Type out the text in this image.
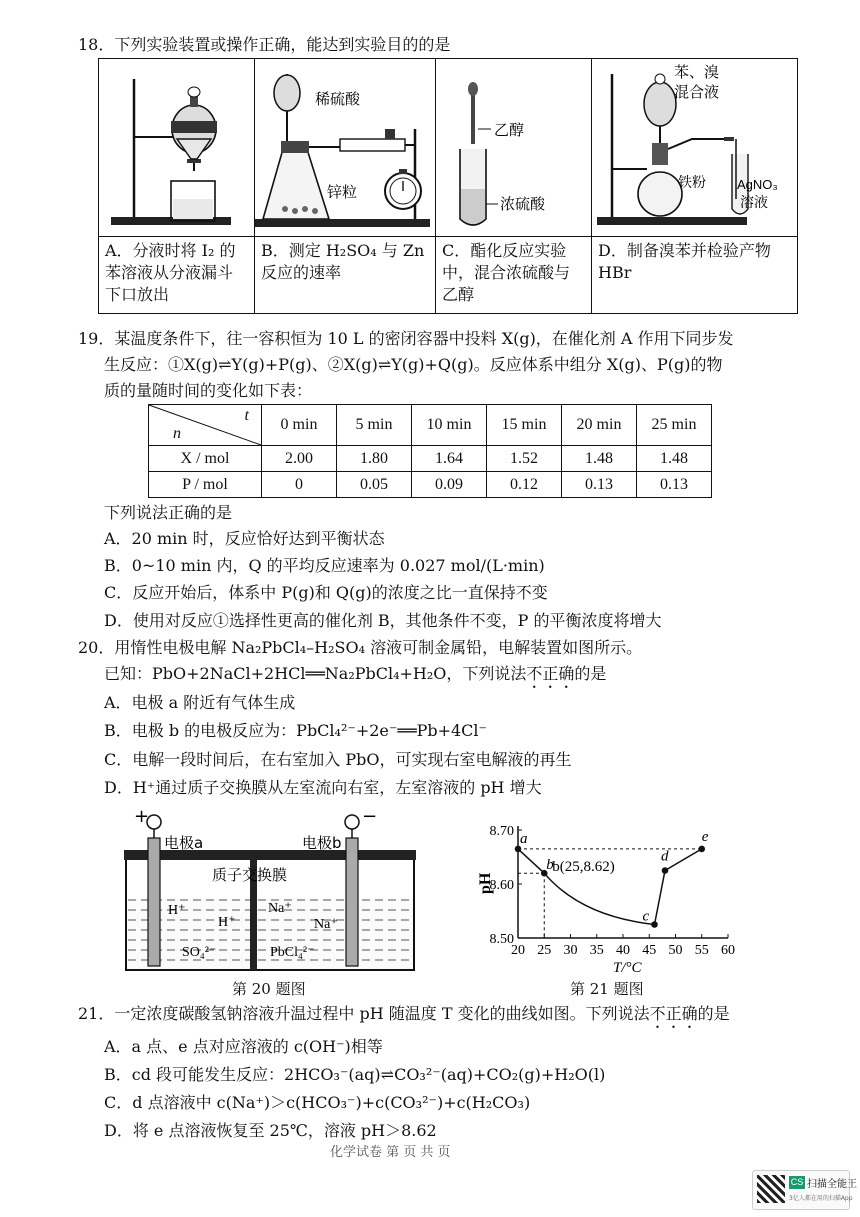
18．下列实验装置或操作正确，能达到实验目的的是

稀硫酸
锌粒	乙醇
浓硫酸	苯、溴
混合液
铁粉 AgNO₃
溶液

A．分液时将 I₂ 的苯溶液从分液漏斗下口放出	B．测定 H₂SO₄ 与 Zn 反应的速率	C．酯化反应实验中，混合浓硫酸与乙醇	D．制备溴苯并检验产物 HBr
19．某温度条件下，往一容积恒为 10 L 的密闭容器中投料 X(g)，在催化剂 A 作用下同步发
生反应：①X(g)⇌Y(g)+P(g)、②X(g)⇌Y(g)+Q(g)。反应体系中组分 X(g)、P(g)的物
质的量随时间的变化如下表：
t
n	0 min	5 min	10 min	15 min	20 min	25 min
X / mol	2.00	1.80	1.64	1.52	1.48	1.48
P / mol	0	0.05	0.09	0.12	0.13	0.13
下列说法正确的是
A．20 min 时，反应恰好达到平衡状态
B．0~10 min 内，Q 的平均反应速率为 0.027 mol/(L·min)
C．反应开始后，体系中 P(g)和 Q(g)的浓度之比一直保持不变
D．使用对反应①选择性更高的催化剂 B，其他条件不变，P 的平衡浓度将增大
20．用惰性电极电解 Na₂PbCl₄–H₂SO₄ 溶液可制金属铅，电解装置如图所示。
已知：PbO+2NaCl+2HCl══Na₂PbCl₄+H₂O，下列说法不正确的是
A．电极 a 附近有气体生成
B．电极 b 的电极反应为：PbCl₄²⁻+2e⁻══Pb+4Cl⁻
C．电解一段时间后，在右室加入 PbO，可实现右室电解液的再生
D．H⁺通过质子交换膜从左室流向右室，左室溶液的 pH 增大
+	−
电极a	电极b
质子交换膜
H⁺
H⁺
SO₄²⁻
Na⁺
Na⁺
PbCl₄²⁻
第 20 题图
20 25 30 35 40 45 50 55 60
8.50
8.60
8.70 a
b
c
d
e
pH
T/°C
b(25,8.62)
第 21 题图
21．一定浓度碳酸氢钠溶液升温过程中 pH 随温度 T 变化的曲线如图。下列说法不正确的是
A．a 点、e 点对应溶液的 c(OH⁻)相等
B．cd 段可能发生反应：2HCO₃⁻(aq)⇌CO₃²⁻(aq)+CO₂(g)+H₂O(l)
C．d 点溶液中 c(Na⁺)＞c(HCO₃⁻)+c(CO₃²⁻)+c(H₂CO₃)
D．将 e 点溶液恢复至 25℃，溶液 pH＞8.62
化学试卷 第 页 共 页
CS 扫描全能王
3亿人都在用的扫描App
